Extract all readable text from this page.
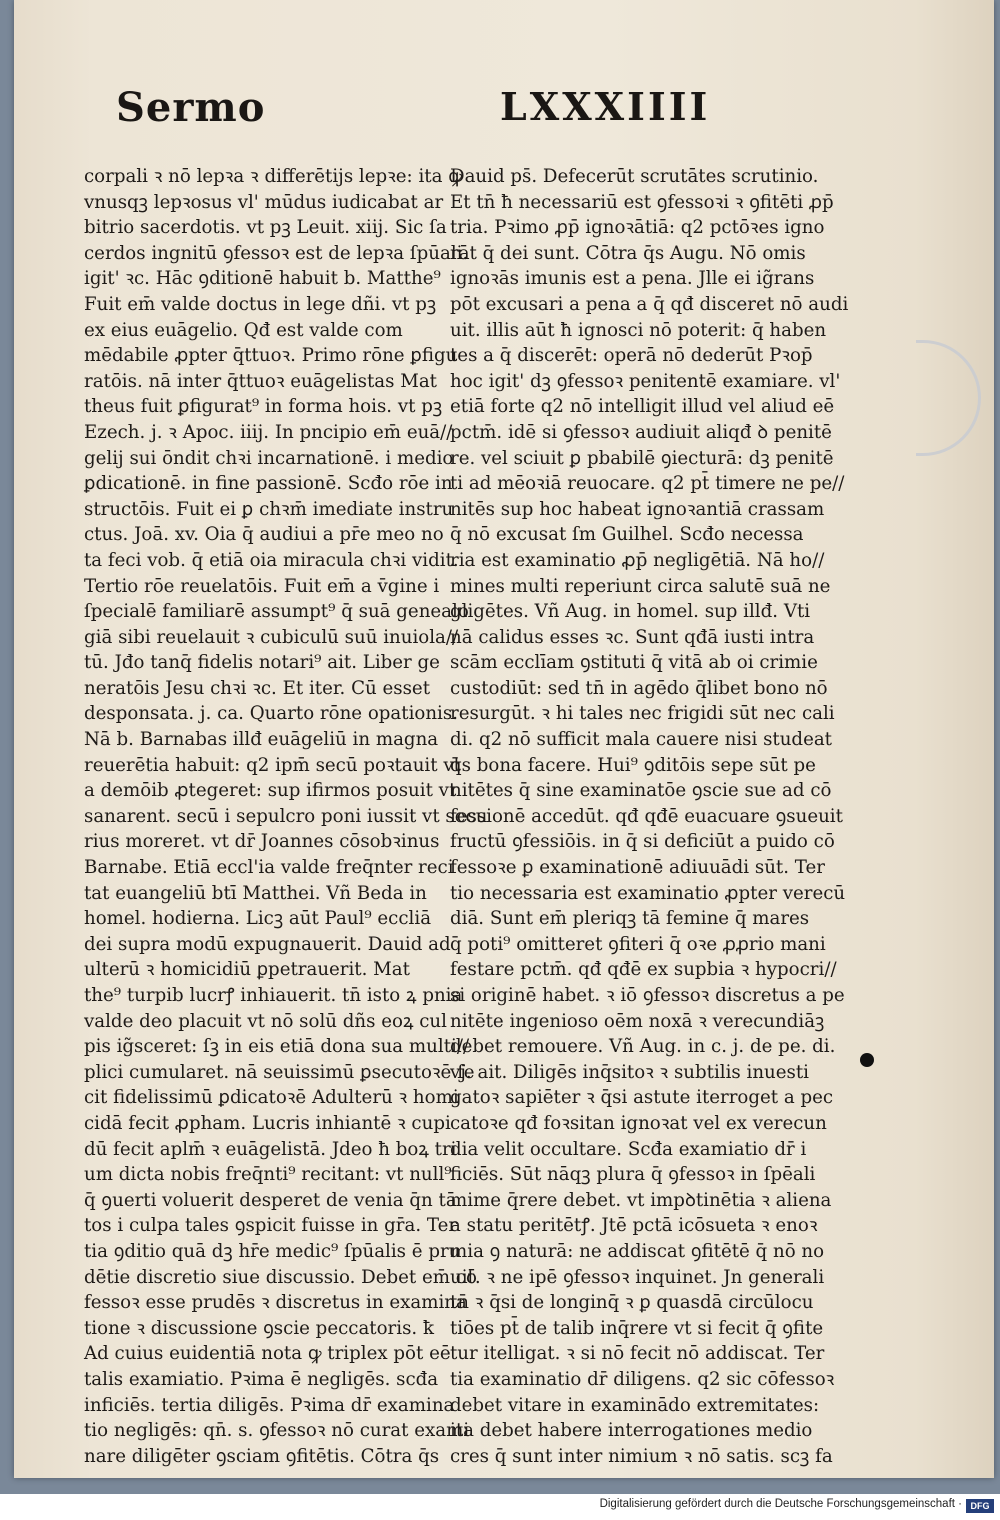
Sermo	LXXXIIII
corpali ꝛ nō lepꝛa ꝛ differētijs lepꝛe: ita ꝙ
vnusqꝫ lepꝛosus vl' mūdus iudicabat ar
bitrio sacerdotis. vt pꝫ Leuit. xiij. Sic ſa
cerdos ingnitū ꝯfessoꝛ est de lepꝛa ſpūali.
igit' ꝛc. Hāc ꝯditionē habuit b. Matthe⁹
Fuit em̄ valde doctus in lege dñi. vt pꝫ
ex eius euāgelio. Qđ est valde com
mēdabile ꝓpter q̄ttuoꝛ. Primo rōne ꝑfigu
ratōis. nā inter q̄ttuoꝛ euāgelistas Mat
theus fuit ꝑfigurat⁹ in forma hois. vt pꝫ
Ezech. j. ꝛ Apoc. iiij. In pncipio em̄ euā//
gelij sui ōndit chꝛi incarnationē. i medio
ꝑdicationē. in fine passionē. Scđo rōe in
structōis. Fuit ei ꝑ chꝛm̄ imediate instru
ctus. Joā. xv. Oia q̄ audiui a pr̄e meo no
ta feci vob. q̄ etiā oia miracula chꝛi vidit.
Tertio rōe reuelatōis. Fuit em̄ a v̄gine i
ſpecialē familiarē assumpt⁹ q̄ suā genealo
giā sibi reuelauit ꝛ cubiculū suū inuiola//
tū. Jđo tanq̄ fidelis notari⁹ ait. Liber ge
neratōis Jesu chꝛi ꝛc. Et iter. Cū esset
desponsata. j. ca. Quarto rōne opationis.
Nā b. Barnabas illđ euāgeliū in magna
reuerētia habuit: q2 ipm̄ secū poꝛtauit vt
a demōib ꝓtegeret: sup ifirmos posuit vt
sanarent. secū i sepulcro poni iussit vt secu
rius moreret. vt dr̄ Joannes cōsobꝛinus
Barnabe. Etiā eccl'ia valde freq̄nter reci
tat euangeliū btī Matthei. Vñ Beda in
homel. hodierna. Licꝫ aūt Paul⁹ eccliā
dei supra modū expugnauerit. Dauid ad
ulterū ꝛ homicidiū ꝑpetrauerit. Mat
the⁹ turpib lucrꝭ inhiauerit. tn̄ isto ꝝ pnia
valde deo placuit vt nō solū dñs eoꝝ cul
pis ig̃sceret: ſꝫ in eis etiā dona sua multi//
plici cumularet. nā seuissimū ꝑsecutoꝛē fe
cit fidelissimū ꝑdicatoꝛē Adulterū ꝛ homi
cidā fecit ꝓpham. Lucris inhiantē ꝛ cupi
dū fecit aplm̄ ꝛ euāgelistā. Jdeo ħ boꝝ tri
um dicta nobis freq̄nti⁹ recitant: vt null⁹
q̄ ꝯuerti voluerit desperet de venia q̄n tā
tos i culpa tales ꝯspicit fuisse in gr̄a. Ter
tia ꝯditio quā dꝫ hr̄e medic⁹ ſpūalis ē pru
dētie discretio siue discussio. Debet em̄ cō
fessoꝛ esse prudēs ꝛ discretus in examina
tione ꝛ discussione ꝯscie peccatoris. ꝁ
Ad cuius euidentiā nota ꝙ triplex pōt eē
talis examiatio. Pꝛima ē negligēs. scđa
inficiēs. tertia diligēs. Pꝛima dr̄ examina
tio negligēs: qn̄. s. ꝯfessoꝛ nō curat exami
nare diligēter ꝯsciam ꝯfitētis. Cōtra q̄s
Dauid ps̄. Defecerūt scrutātes scrutinio.
Et tn̄ ħ necessariū est ꝯfessoꝛi ꝛ ꝯfitēti ꝓp̄
tria. Pꝛimo ꝓp̄ ignoꝛātiā: q2 pctōꝛes igno
rāt q̄ dei sunt. Cōtra q̄s Augu. Nō omis
ignoꝛās imunis est a pena. Jlle ei ig̃rans
pōt excusari a pena a q̄ qđ disceret nō audi
uit. illis aūt ħ ignosci nō poterit: q̄ haben
tes a q̄ discerēt: operā nō dederūt Pꝛop̄
hoc igit' dꝫ ꝯfessoꝛ penitentē examiare. vl'
etiā forte q2 nō intelligit illud vel aliud eē
pctm̄. idē si ꝯfessoꝛ audiuit aliqđ ꝺ penitē
re. vel sciuit ꝑ pbabilē ꝯiecturā: dꝫ penitē
ti ad mēoꝛiā reuocare. q2 pt̄ timere ne pe//
nitēs sup hoc habeat ignoꝛantiā crassam
q̄ nō excusat ſm Guilhel. Scđo necessa
ria est examinatio ꝓp̄ negligētiā. Nā ho//
mines multi reperiunt circa salutē suā ne
gligētes. Vñ Aug. in homel. sup illđ. Vti
nā calidus esses ꝛc. Sunt qđā iusti intra
scām ecclīam ꝯstituti q̄ vitā ab oi crimie
custodiūt: sed tn̄ in agēdo q̄libet bono nō
resurgūt. ꝛ hi tales nec frigidi sūt nec cali
di. q2 nō sufficit mala cauere nisi studeat
q̄s bona facere. Hui⁹ ꝯditōis sepe sūt pe
nitētes q̄ sine examinatōe ꝯscie sue ad cō
fessionē accedūt. qđ qđē euacuare ꝯsueuit
fructū ꝯfessiōis. in q̄ si deficiūt a puido cō
fessoꝛe ꝑ examinationē adiuuādi sūt. Ter
tio necessaria est examinatio ꝓpter verecū
diā. Sunt em̄ pleriqꝫ tā femine q̄ mares
q̄ poti⁹ omitteret ꝯfiteri q̄ oꝛe ꝓꝓrio mani
festare pctm̄. qđ qđē ex supbia ꝛ hypocri//
si originē habet. ꝛ iō ꝯfessoꝛ discretus a pe
nitēte ingenioso oēm noxā ꝛ verecundiāꝫ
debet remouere. Vñ Aug. in c. j. de pe. di.
vj. ait. Diligēs inq̄sitoꝛ ꝛ subtilis inuesti
gatoꝛ sapiēter ꝛ q̄si astute iterroget a pec
catoꝛe qđ foꝛsitan ignoꝛat vel ex verecun
dia velit occultare. Scđa examiatio dr̄ i
ficiēs. Sūt nāqꝫ plura q̄ ꝯfessoꝛ in ſpēali
mime q̄rere debet. vt impꝺtinētia ꝛ aliena
a statu peritētꝭ. Jtē pctā icōsueta ꝛ enoꝛ
mia ꝯ naturā: ne addiscat ꝯfitētē q̄ nō no
uit. ꝛ ne ipē ꝯfessoꝛ inquinet. Jn generali
tn̄ ꝛ q̄si de longinq̄ ꝛ ꝑ quasdā circūlocu
tiōes pt̄ de talib inq̄rere vt si fecit q̄ ꝯfite
tur itelligat. ꝛ si nō fecit nō addiscat. Ter
tia examinatio dr̄ diligens. q2 sic cōfessoꝛ
debet vitare in examinādo extremitates:
ita debet habere interrogationes medio
cres q̄ sunt inter nimium ꝛ nō satis. scꝫ fa
Digitalisierung gefördert durch die Deutsche Forschungsgemeinschaft · DFG
